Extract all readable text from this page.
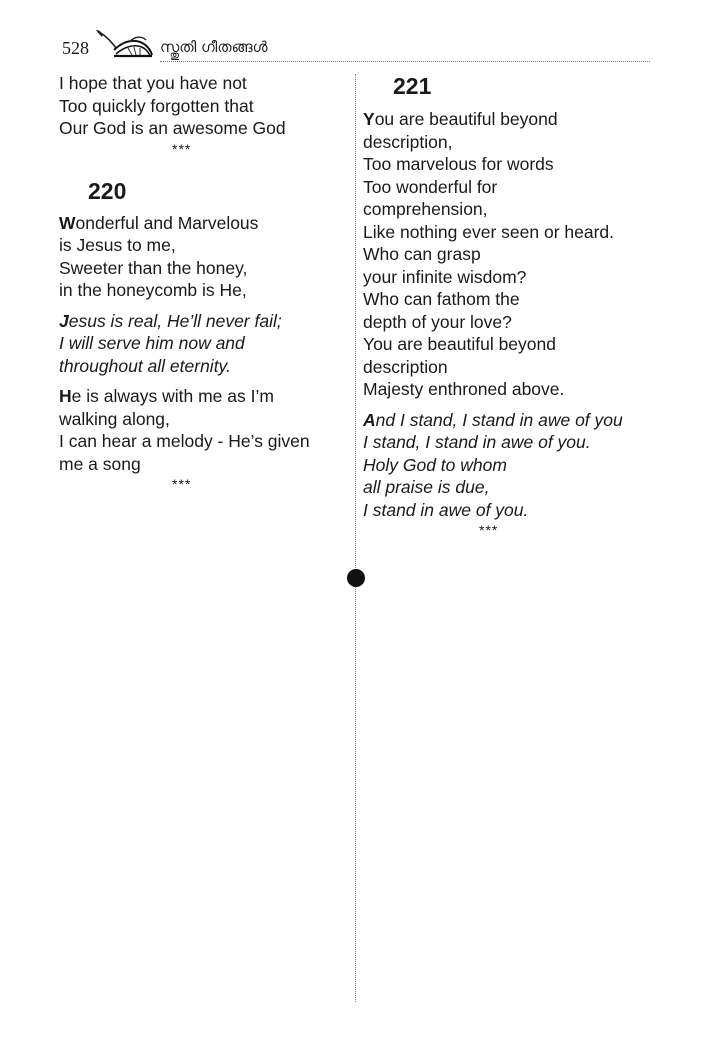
528	സ്തുതി ഗീതങ്ങൾ
I hope that you have not
Too quickly forgotten that
Our God is an awesome God
***
220
Wonderful and Marvelous
is Jesus to me,
Sweeter than the honey,
in the honeycomb is He,
Jesus is real, He’ll never fail;
I will serve him now and
throughout all eternity.
He is always with me as I’m
walking along,
I can hear a melody - He’s given
me a song
***
221
You are beautiful beyond
description,
Too marvelous for words
Too wonderful for
comprehension,
Like nothing ever seen or heard.
Who can grasp
your infinite wisdom?
Who can fathom the
depth of your love?
You are beautiful beyond
description
Majesty enthroned above.
And I stand, I stand in awe of you
I stand, I stand in awe of you.
Holy God to whom
all praise is due,
I stand in awe of you.
***
